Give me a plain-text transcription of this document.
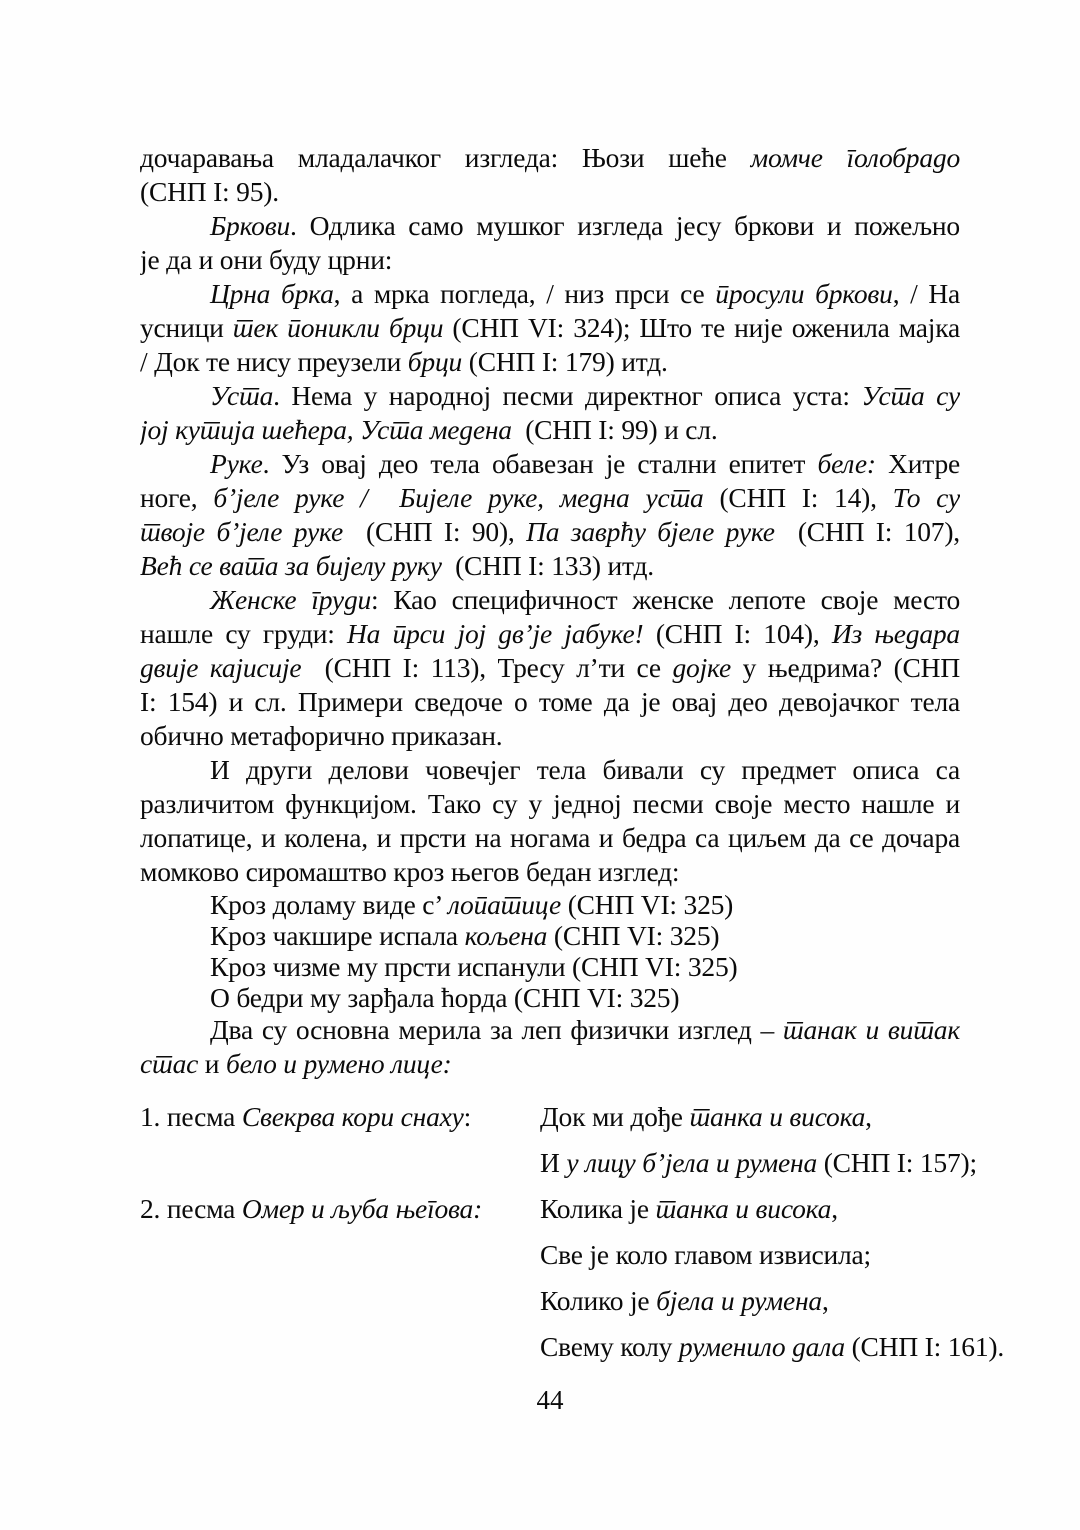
дочаравања младалачког изгледа: Њози шеће момче голобрадо
(СНП I: 95).
Бркови. Одлика само мушког изгледа јесу бркови и пожељно
је да и они буду црни:
Црна брка, а мрка погледа, / низ прси се просули бркови, / На
усници тек поникли брци (СНП VI: 324); Што те није оженила мајка
/ Док те нису преузели брци (СНП I: 179) итд.
Уста. Нема у народној песми директног описа уста: Уста су
јој кутија шећера, Уста медена  (СНП I: 99) и сл.
Руке. Уз овај део тела обавезан је стални епитет беле: Хитре
ноге, б’јеле руке /  Бијеле руке, медна уста (СНП I: 14), То су
твоје б’јеле руке  (СНП I: 90), Па заврћу бјеле руке  (СНП I: 107),
Већ се вата за бијелу руку  (СНП I: 133) итд.
Женске груди: Као специфичност женске лепоте своје место
нашле су груди: На прси јој дв’је јабуке! (СНП I: 104), Из њедара
двије кајисије  (СНП I: 113), Тресу л’ти се дојке у њедрима? (СНП
I: 154) и сл. Примери сведоче о томе да је овај део девојачког тела
обично метафорично приказан.
И други делови човечјег тела бивали су предмет описа са
различитом функцијом. Тако су у једној песми своје место нашле и
лопатице, и колена, и прсти на ногама и бедра са циљем да се дочара
момково сиромаштво кроз његов бедан изглед:
Кроз доламу виде с’ лопатице (СНП VI: 325)
Кроз чакшире испала кољена (СНП VI: 325)
Кроз чизме му прсти испанули (СНП VI: 325)
О бедри му зарђала ћорда (СНП VI: 325)
Два су основна мерила за леп физички изглед – танак и витак
стас и бело и румено лице:
1. песма Свекрва кори снаху:	Док ми дође танка и висока,
И у лицу б’јела и румена (СНП I: 157);
2. песма Омер и љуба његова: Колика је танка и висока,
Све је коло главом извисила;
Колико је бјела и румена,
Свему колу руменило дала (СНП I: 161).
44
